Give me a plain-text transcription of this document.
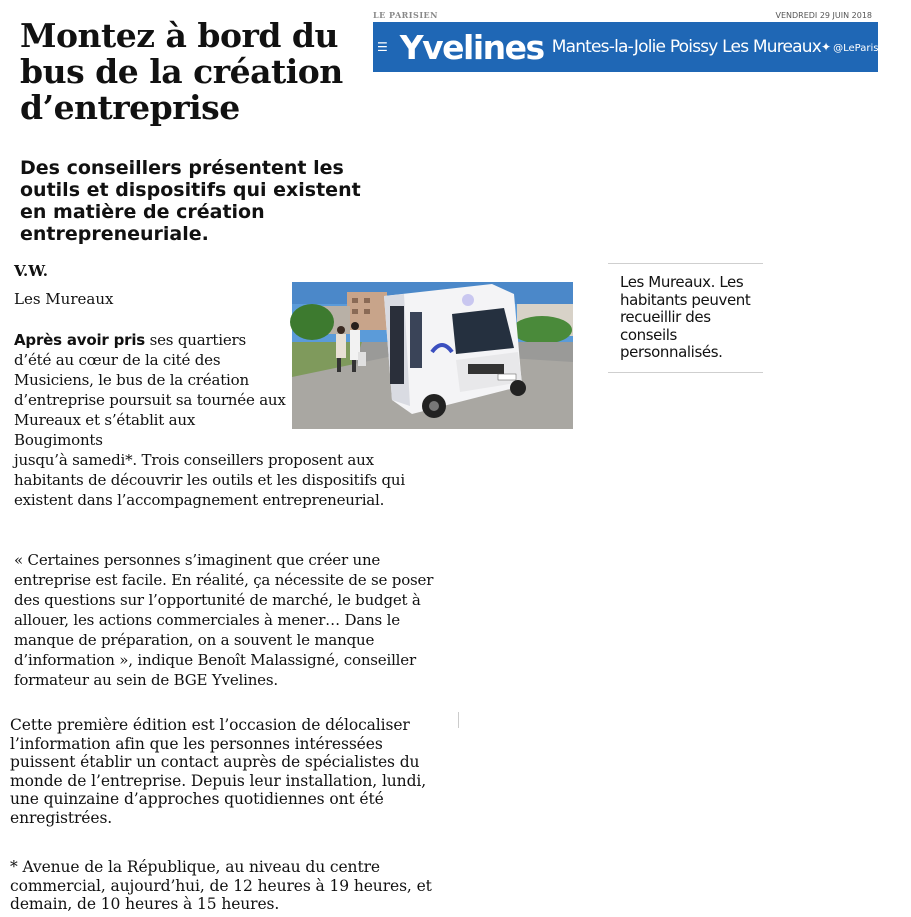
Montez à bord du bus de la création d’entreprise
Des conseillers présentent les outils et dispositifs qui existent en matière de création entrepreneuriale.
LE PARISIEN	VENDREDI 29 JUIN 2018
☰ Yvelines Mantes-la-Jolie Poissy Les Mureaux ✦ @LeParisien_78
V.W.
Les Mureaux
Les Mureaux. Les habitants peuvent recueillir des conseils personnalisés.

Après avoir pris ses quartiers d’été au cœur de la cité des Musiciens, le bus de la création d’entreprise poursuit sa tournée aux Mureaux et s’établit aux Bougimonts

jusqu’à samedi*. Trois conseillers proposent aux habitants de découvrir les outils et les dispositifs qui existent dans l’accompagnement entrepreneurial.

« Certaines personnes s’imaginent que créer une entreprise est facile. En réalité, ça nécessite de se poser des questions sur l’opportunité de marché, le budget à allouer, les actions commerciales à mener… Dans le manque de préparation, on a souvent le manque d’information », indique Benoît Malassigné, conseiller formateur au sein de BGE Yvelines.

Cette première édition est l’occasion de délocaliser l’information afin que les personnes intéressées puissent établir un contact auprès de spécialistes du monde de l’entreprise. Depuis leur installation, lundi, une quinzaine d’approches quotidiennes ont été enregistrées.

* Avenue de la République, au niveau du centre commercial, aujourd’hui, de 12 heures à 19 heures, et demain, de 10 heures à 15 heures.
